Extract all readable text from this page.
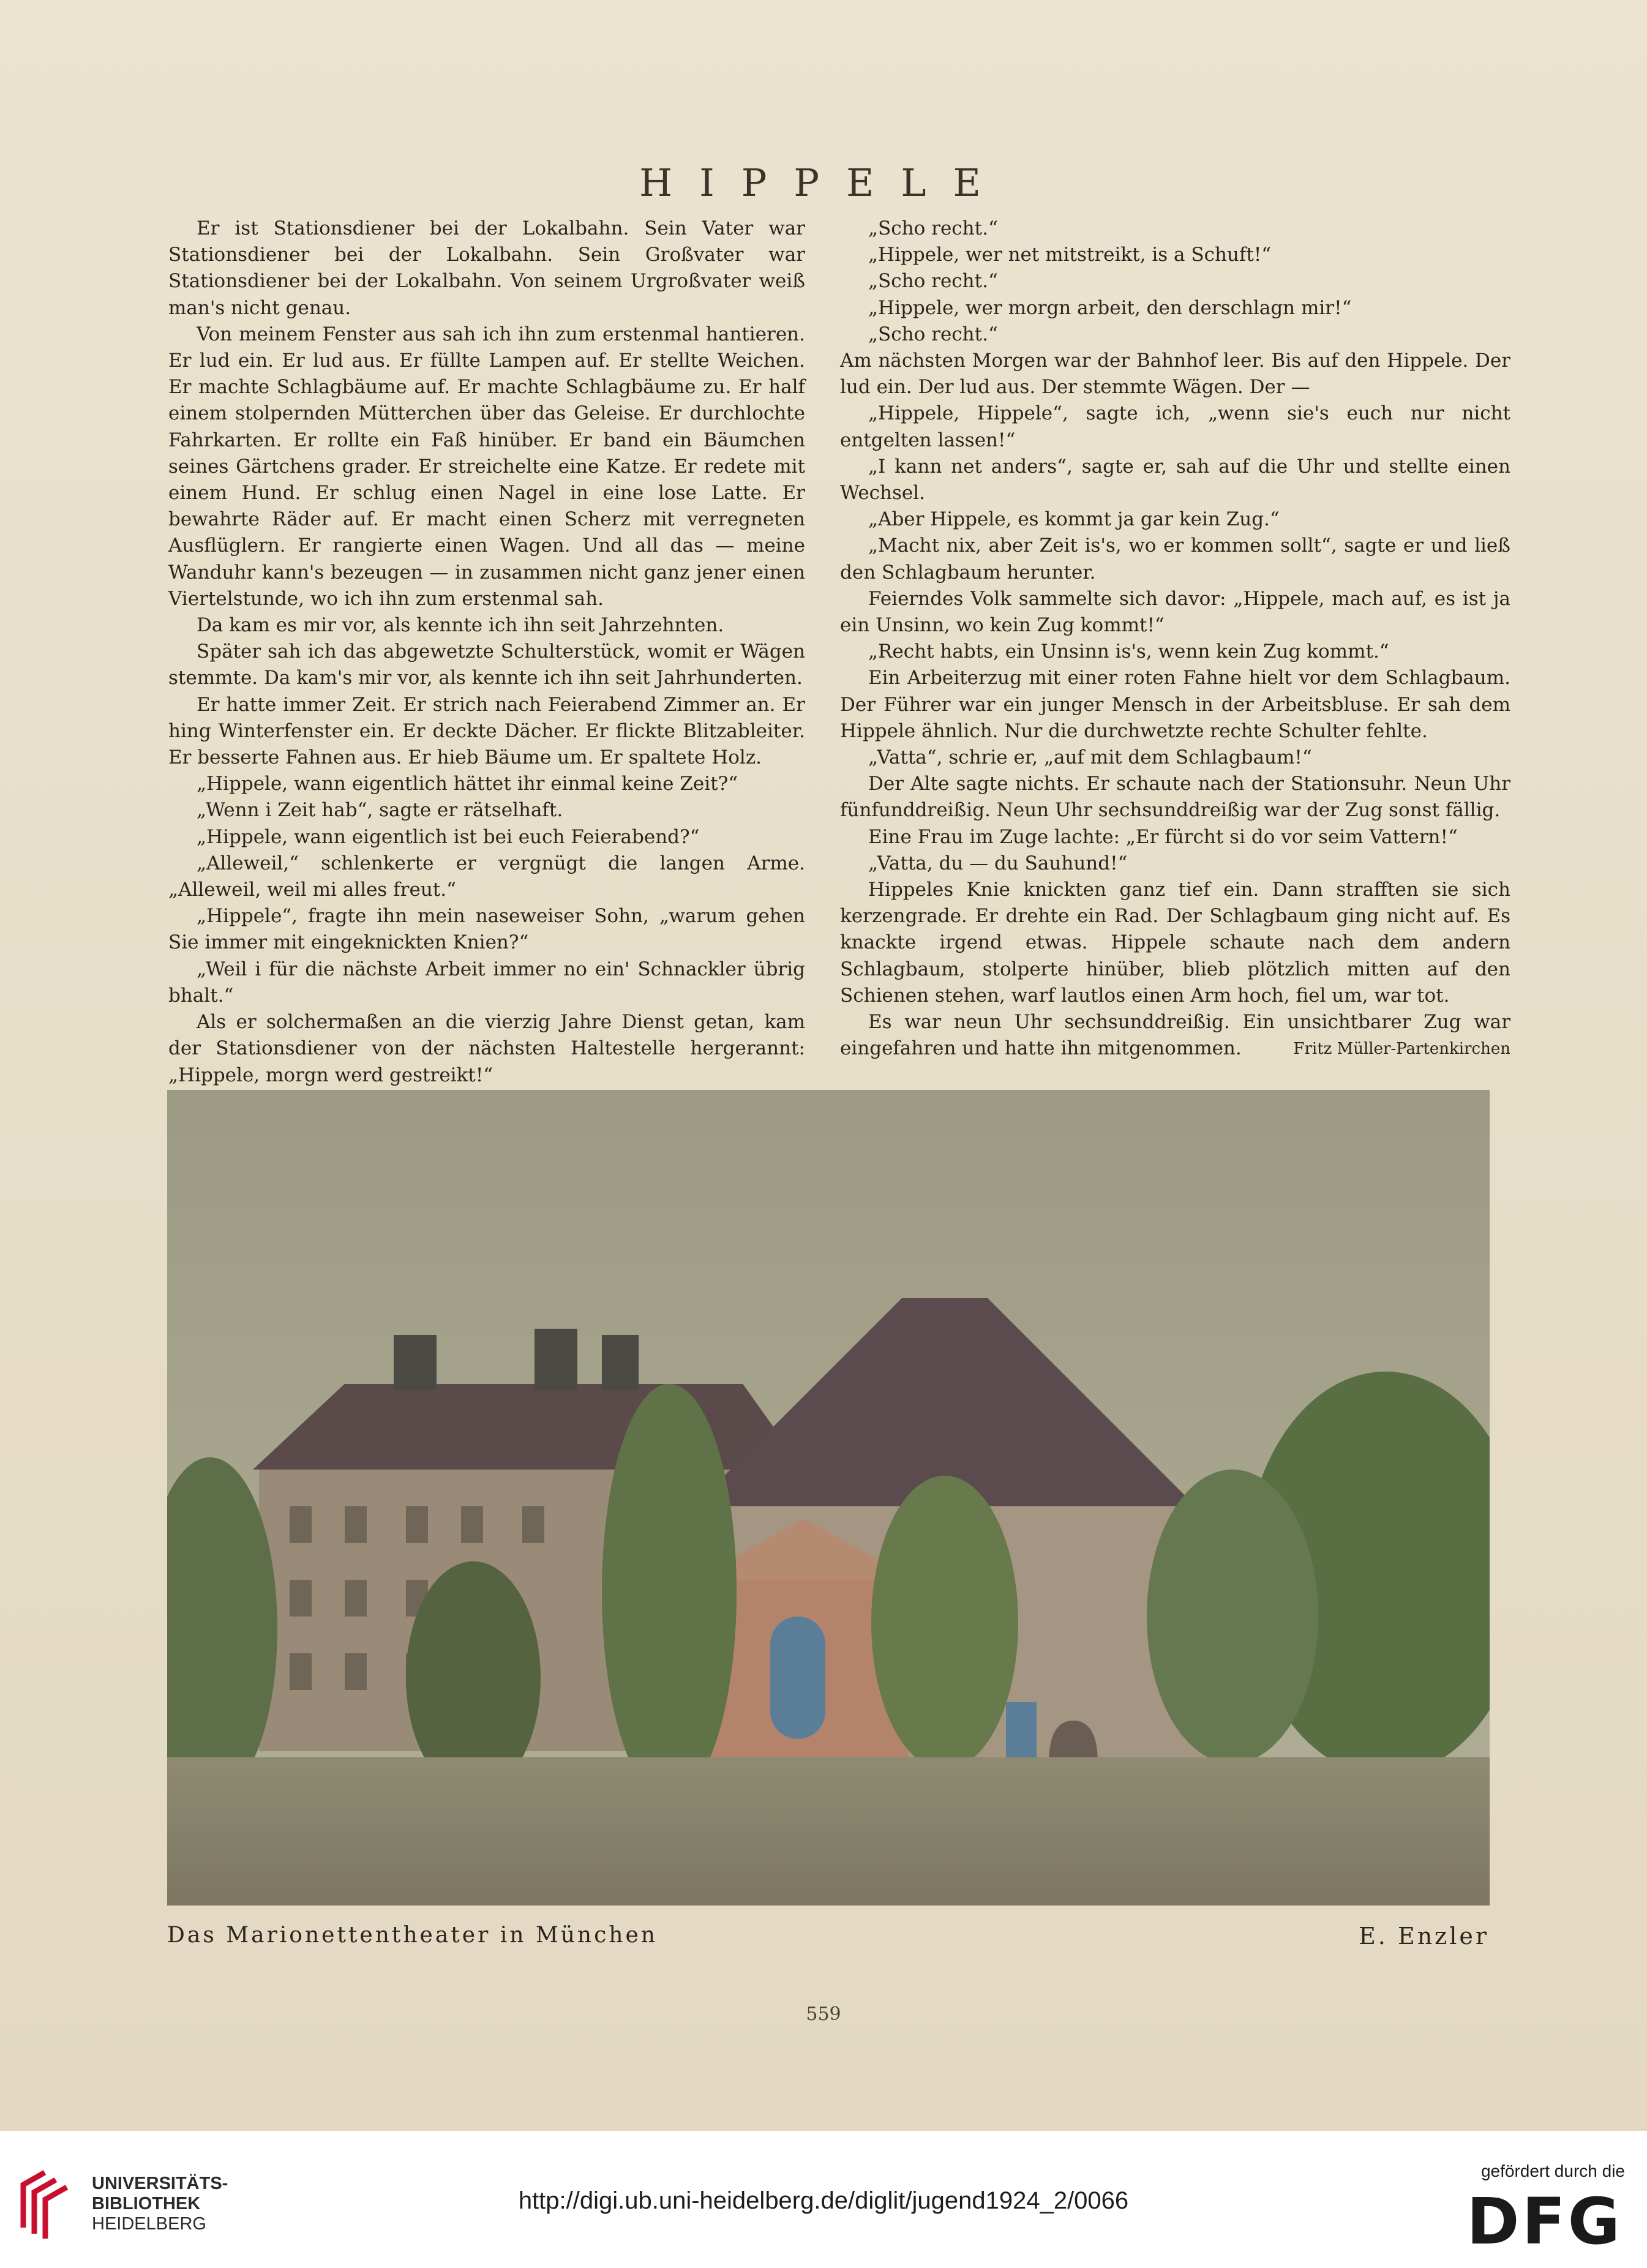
HIPPELE

Er ist Stationsdiener bei der Lokalbahn. Sein Vater war Stationsdiener bei der Lokalbahn. Sein Großvater war Stationsdiener bei der Lokalbahn. Von seinem Urgroßvater weiß man's nicht genau.

Von meinem Fenster aus sah ich ihn zum erstenmal hantieren. Er lud ein. Er lud aus. Er füllte Lampen auf. Er stellte Weichen. Er machte Schlagbäume auf. Er machte Schlagbäume zu. Er half einem stolpernden Mütterchen über das Geleise. Er durchlochte Fahrkarten. Er rollte ein Faß hinüber. Er band ein Bäumchen seines Gärtchens grader. Er streichelte eine Katze. Er redete mit einem Hund. Er schlug einen Nagel in eine lose Latte. Er bewahrte Räder auf. Er macht einen Scherz mit verregneten Ausflüglern. Er rangierte einen Wagen. Und all das — meine Wanduhr kann's bezeugen — in zusammen nicht ganz jener einen Viertelstunde, wo ich ihn zum erstenmal sah.

Da kam es mir vor, als kennte ich ihn seit Jahrzehnten.

Später sah ich das abgewetzte Schulterstück, womit er Wägen stemmte. Da kam's mir vor, als kennte ich ihn seit Jahrhunderten.

Er hatte immer Zeit. Er strich nach Feierabend Zimmer an. Er hing Winterfenster ein. Er deckte Dächer. Er flickte Blitzableiter. Er besserte Fahnen aus. Er hieb Bäume um. Er spaltete Holz.

„Hippele, wann eigentlich hättet ihr einmal keine Zeit?“

„Wenn i Zeit hab“, sagte er rätselhaft.

„Hippele, wann eigentlich ist bei euch Feierabend?“

„Alleweil,“ schlenkerte er vergnügt die langen Arme. „Alleweil, weil mi alles freut.“

„Hippele“, fragte ihn mein naseweiser Sohn, „warum gehen Sie immer mit eingeknickten Knien?“

„Weil i für die nächste Arbeit immer no ein' Schnackler übrig bhalt.“

Als er solchermaßen an die vierzig Jahre Dienst getan, kam der Stationsdiener von der nächsten Haltestelle hergerannt: „Hippele, morgn werd gestreikt!“

„Scho recht.“

„Hippele, wer net mitstreikt, is a Schuft!“

„Scho recht.“

„Hippele, wer morgn arbeit, den derschlagn mir!“

„Scho recht.“

Am nächsten Morgen war der Bahnhof leer. Bis auf den Hippele. Der lud ein. Der lud aus. Der stemmte Wägen. Der —

„Hippele, Hippele“, sagte ich, „wenn sie's euch nur nicht entgelten lassen!“

„I kann net anders“, sagte er, sah auf die Uhr und stellte einen Wechsel.

„Aber Hippele, es kommt ja gar kein Zug.“

„Macht nix, aber Zeit is's, wo er kommen sollt“, sagte er und ließ den Schlagbaum herunter.

Feierndes Volk sammelte sich davor: „Hippele, mach auf, es ist ja ein Unsinn, wo kein Zug kommt!“

„Recht habts, ein Unsinn is's, wenn kein Zug kommt.“

Ein Arbeiterzug mit einer roten Fahne hielt vor dem Schlagbaum. Der Führer war ein junger Mensch in der Arbeitsbluse. Er sah dem Hippele ähnlich. Nur die durchwetzte rechte Schulter fehlte.

„Vatta“, schrie er, „auf mit dem Schlagbaum!“

Der Alte sagte nichts. Er schaute nach der Stationsuhr. Neun Uhr fünfunddreißig. Neun Uhr sechsunddreißig war der Zug sonst fällig.

Eine Frau im Zuge lachte: „Er fürcht si do vor seim Vattern!“

„Vatta, du — du Sauhund!“

Hippeles Knie knickten ganz tief ein. Dann strafften sie sich kerzengrade. Er drehte ein Rad. Der Schlagbaum ging nicht auf. Es knackte irgend etwas. Hippele schaute nach dem andern Schlagbaum, stolperte hinüber, blieb plötzlich mitten auf den Schienen stehen, warf lautlos einen Arm hoch, fiel um, war tot.

Es war neun Uhr sechsunddreißig. Ein unsichtbarer Zug war eingefahren und hatte ihn mitgenommen.	Fritz Müller-Partenkirchen
Das Marionettentheater in München	E. Enzler
559
UNIVERSITÄTS-
BIBLIOTHEK
HEIDELBERG
http://digi.ub.uni-heidelberg.de/diglit/jugend1924_2/0066
gefördert durch die
DFG
